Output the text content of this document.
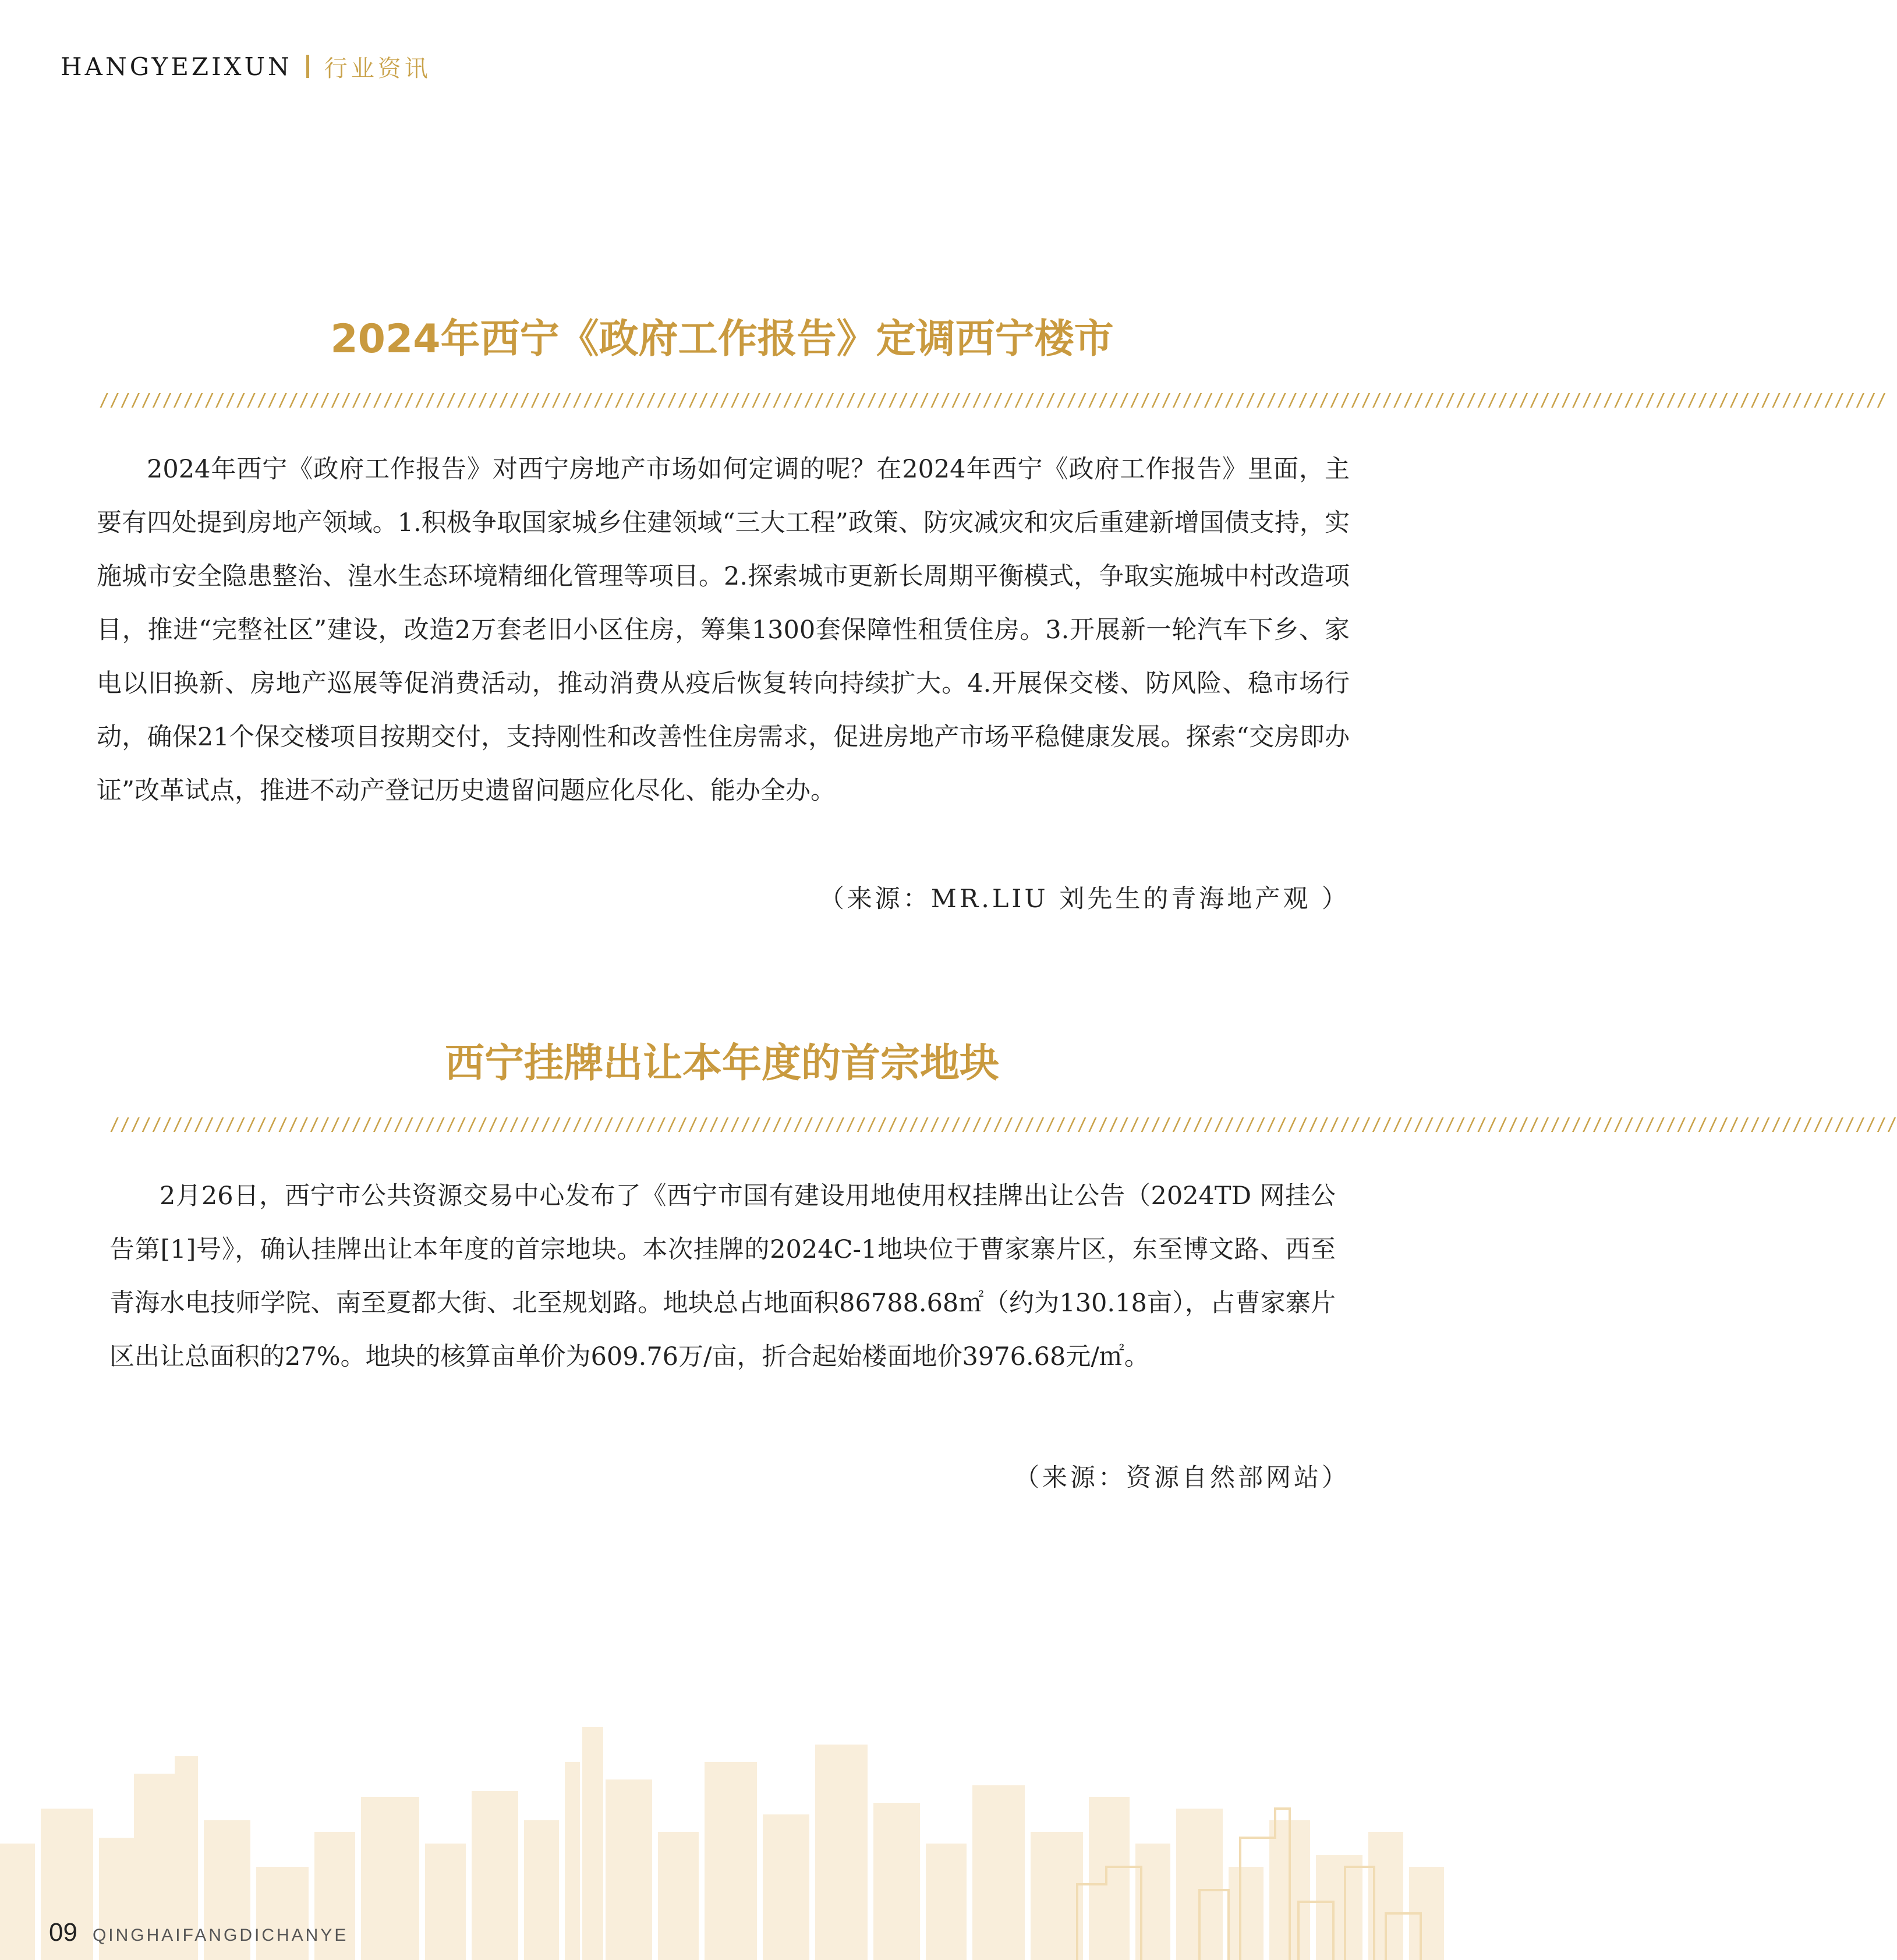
HANGYEZIXUN 行业资讯
2024年西宁《政府工作报告》定调西宁楼市
//////////////////////////////////////////////////////////////////////////////////////////////////////////////////////////////////////////////////////////////////////////

2024年西宁《政府工作报告》对西宁房地产市场如何定调的呢？在2024年西宁《政府工作报告》里面，主要有四处提到房地产领域。1.积极争取国家城乡住建领域“三大工程”政策、防灾减灾和灾后重建新增国债支持，实施城市安全隐患整治、湟水生态环境精细化管理等项目。2.探索城市更新长周期平衡模式，争取实施城中村改造项目，推进“完整社区”建设，改造2万套老旧小区住房，筹集1300套保障性租赁住房。3.开展新一轮汽车下乡、家电以旧换新、房地产巡展等促消费活动，推动消费从疫后恢复转向持续扩大。4.开展保交楼、防风险、稳市场行动，确保21个保交楼项目按期交付，支持刚性和改善性住房需求，促进房地产市场平稳健康发展。探索“交房即办证”改革试点，推进不动产登记历史遗留问题应化尽化、能办全办。

（来源：MR.LIU 刘先生的青海地产观 ）

西宁挂牌出让本年度的首宗地块
//////////////////////////////////////////////////////////////////////////////////////////////////////////////////////////////////////////////////////////////////////////

2月26日，西宁市公共资源交易中心发布了《西宁市国有建设用地使用权挂牌出让公告（2024TD 网挂公告第[1]号》，确认挂牌出让本年度的首宗地块。本次挂牌的2024C-1地块位于曹家寨片区，东至博文路、西至青海水电技师学院、南至夏都大街、北至规划路。地块总占地面积86788.68㎡（约为130.18亩），占曹家寨片区出让总面积的27%。地块的核算亩单价为609.76万/亩，折合起始楼面地价3976.68元/㎡。

（来源：资源自然部网站）

09 QINGHAIFANGDICHANYE
